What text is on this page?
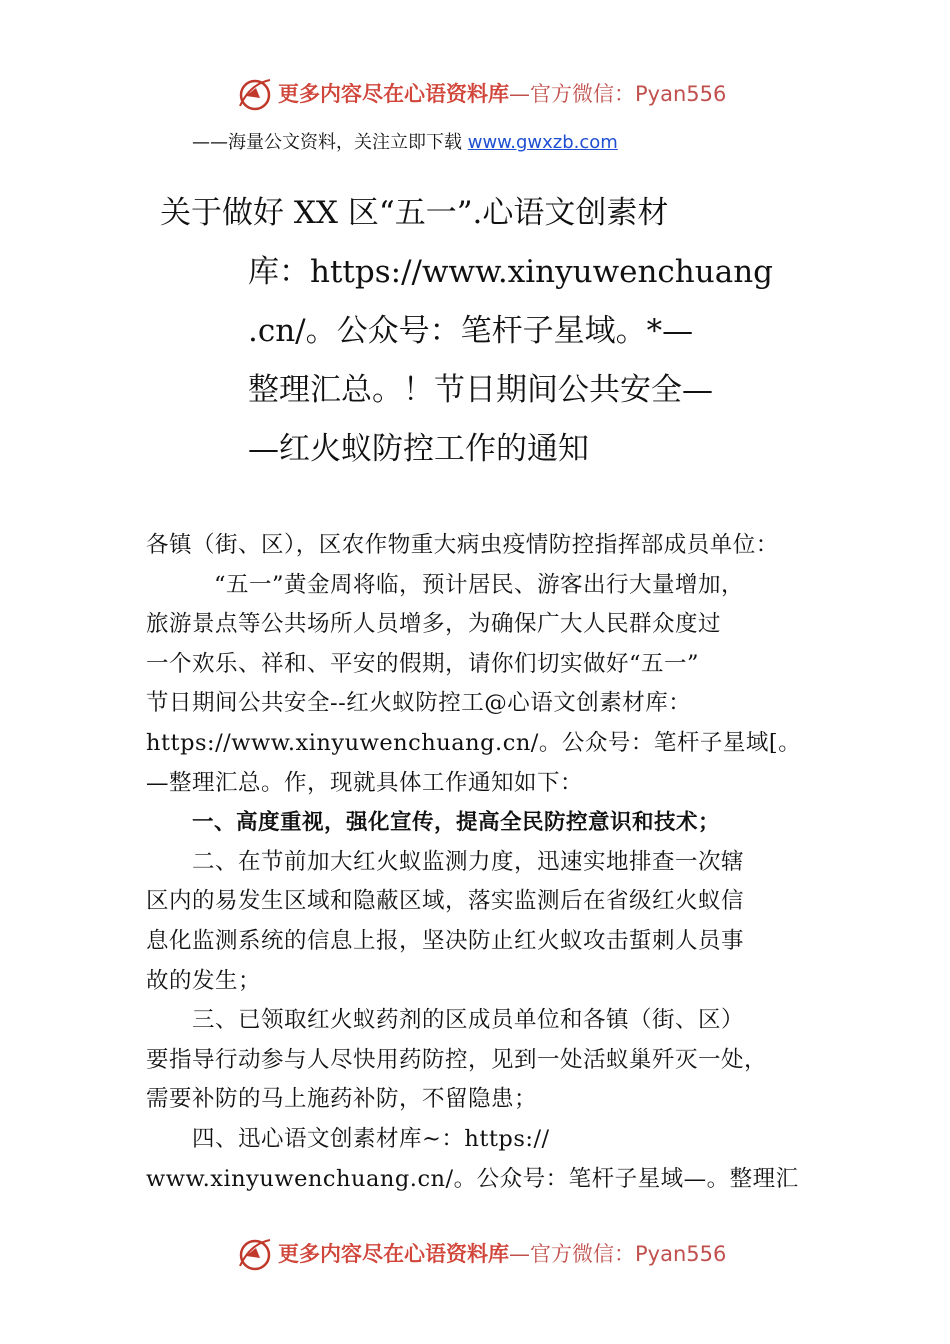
更多内容尽在心语资料库—官方微信：Pyan556
——海量公文资料，关注立即下载 www.gwxzb.com
关于做好 XX 区“五一”.心语文创素材
库：https://www.xinyuwenchuang
.cn/。公众号：笔杆子星域。*—
整理汇总。！节日期间公共安全—
—红火蚁防控工作的通知
各镇（街、区），区农作物重大病虫疫情防控指挥部成员单位：
“五一”黄金周将临，预计居民、游客出行大量增加，
旅游景点等公共场所人员增多，为确保广大人民群众度过
一个欢乐、祥和、平安的假期，请你们切实做好“五一”
节日期间公共安全--红火蚁防控工@心语文创素材库：
https://www.xinyuwenchuang.cn/。公众号：笔杆子星域[。
—整理汇总。作，现就具体工作通知如下：
一、高度重视，强化宣传，提高全民防控意识和技术；
二、在节前加大红火蚁监测力度，迅速实地排查一次辖
区内的易发生区域和隐蔽区域，落实监测后在省级红火蚁信
息化监测系统的信息上报，坚决防止红火蚁攻击蜇刺人员事
故的发生；
三、已领取红火蚁药剂的区成员单位和各镇（街、区）
要指导行动参与人尽快用药防控，见到一处活蚁巢歼灭一处，
需要补防的马上施药补防，不留隐患；
四、迅心语文创素材库~：https://
www.xinyuwenchuang.cn/。公众号：笔杆子星域—。整理汇
更多内容尽在心语资料库—官方微信：Pyan556
